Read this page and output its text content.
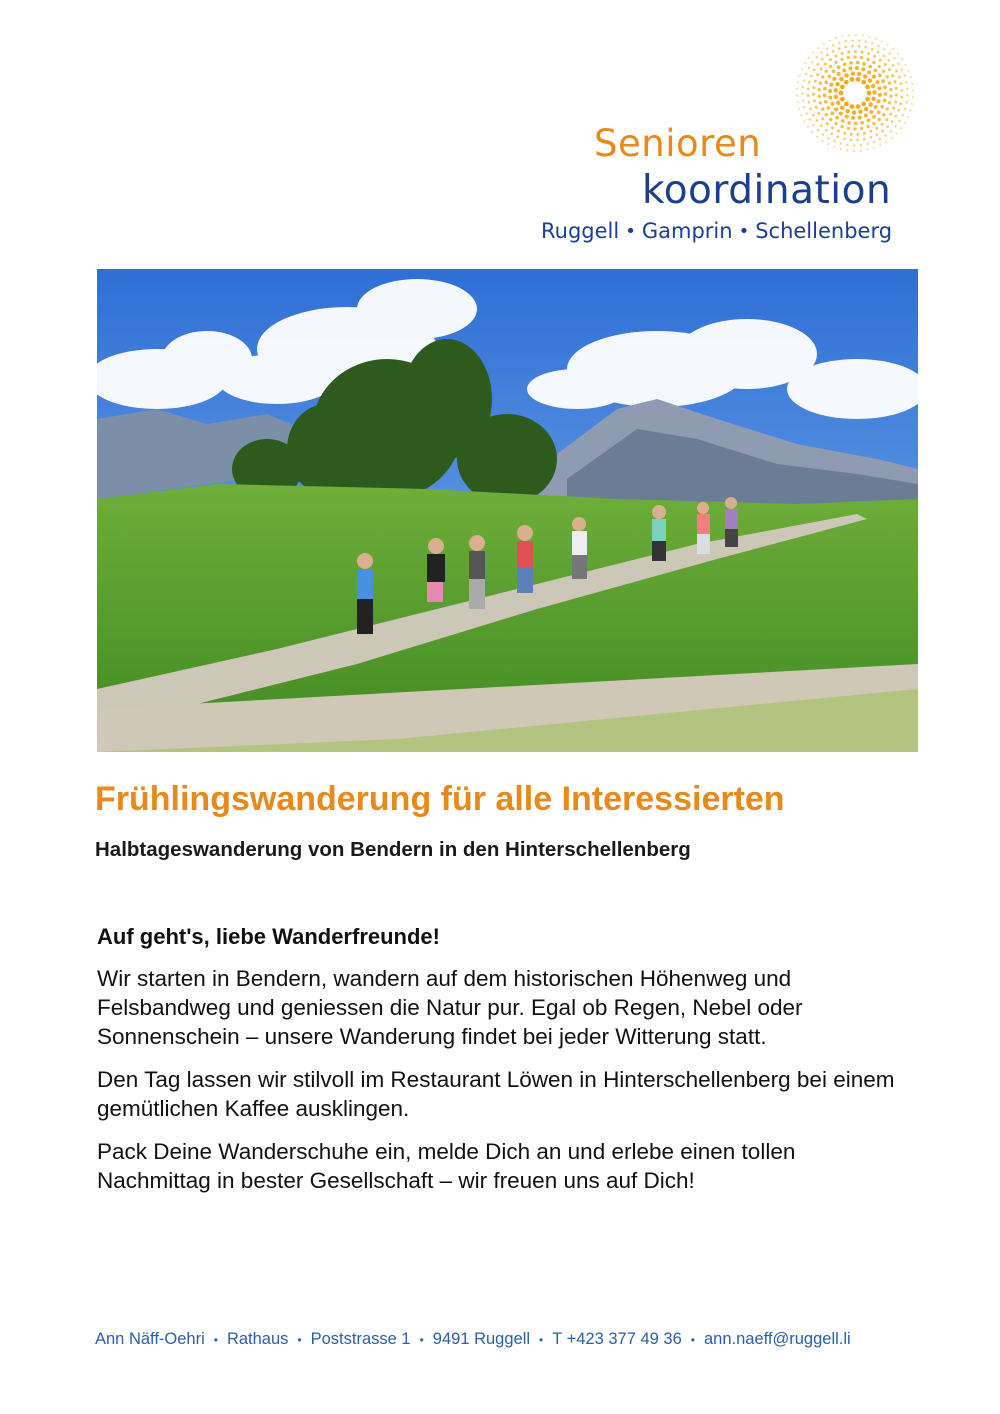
Senioren
koordination
Ruggell • Gamprin • Schellenberg
Frühlingswanderung für alle Interessierten
Halbtageswanderung von Bendern in den Hinterschellenberg

Auf geht's, liebe Wanderfreunde!

Wir starten in Bendern, wandern auf dem historischen Höhenweg und Felsbandweg und geniessen die Natur pur. Egal ob Regen, Nebel oder Sonnenschein – unsere Wanderung findet bei jeder Witterung statt.

Den Tag lassen wir stilvoll im Restaurant Löwen in Hinterschellenberg bei einem gemütlichen Kaffee ausklingen.

Pack Deine Wanderschuhe ein, melde Dich an und erlebe einen tollen Nachmittag in bester Gesellschaft – wir freuen uns auf Dich!

Ann Näff-Oehri • Rathaus • Poststrasse 1 • 9491 Ruggell • T +423 377 49 36 • ann.naeff@ruggell.li
